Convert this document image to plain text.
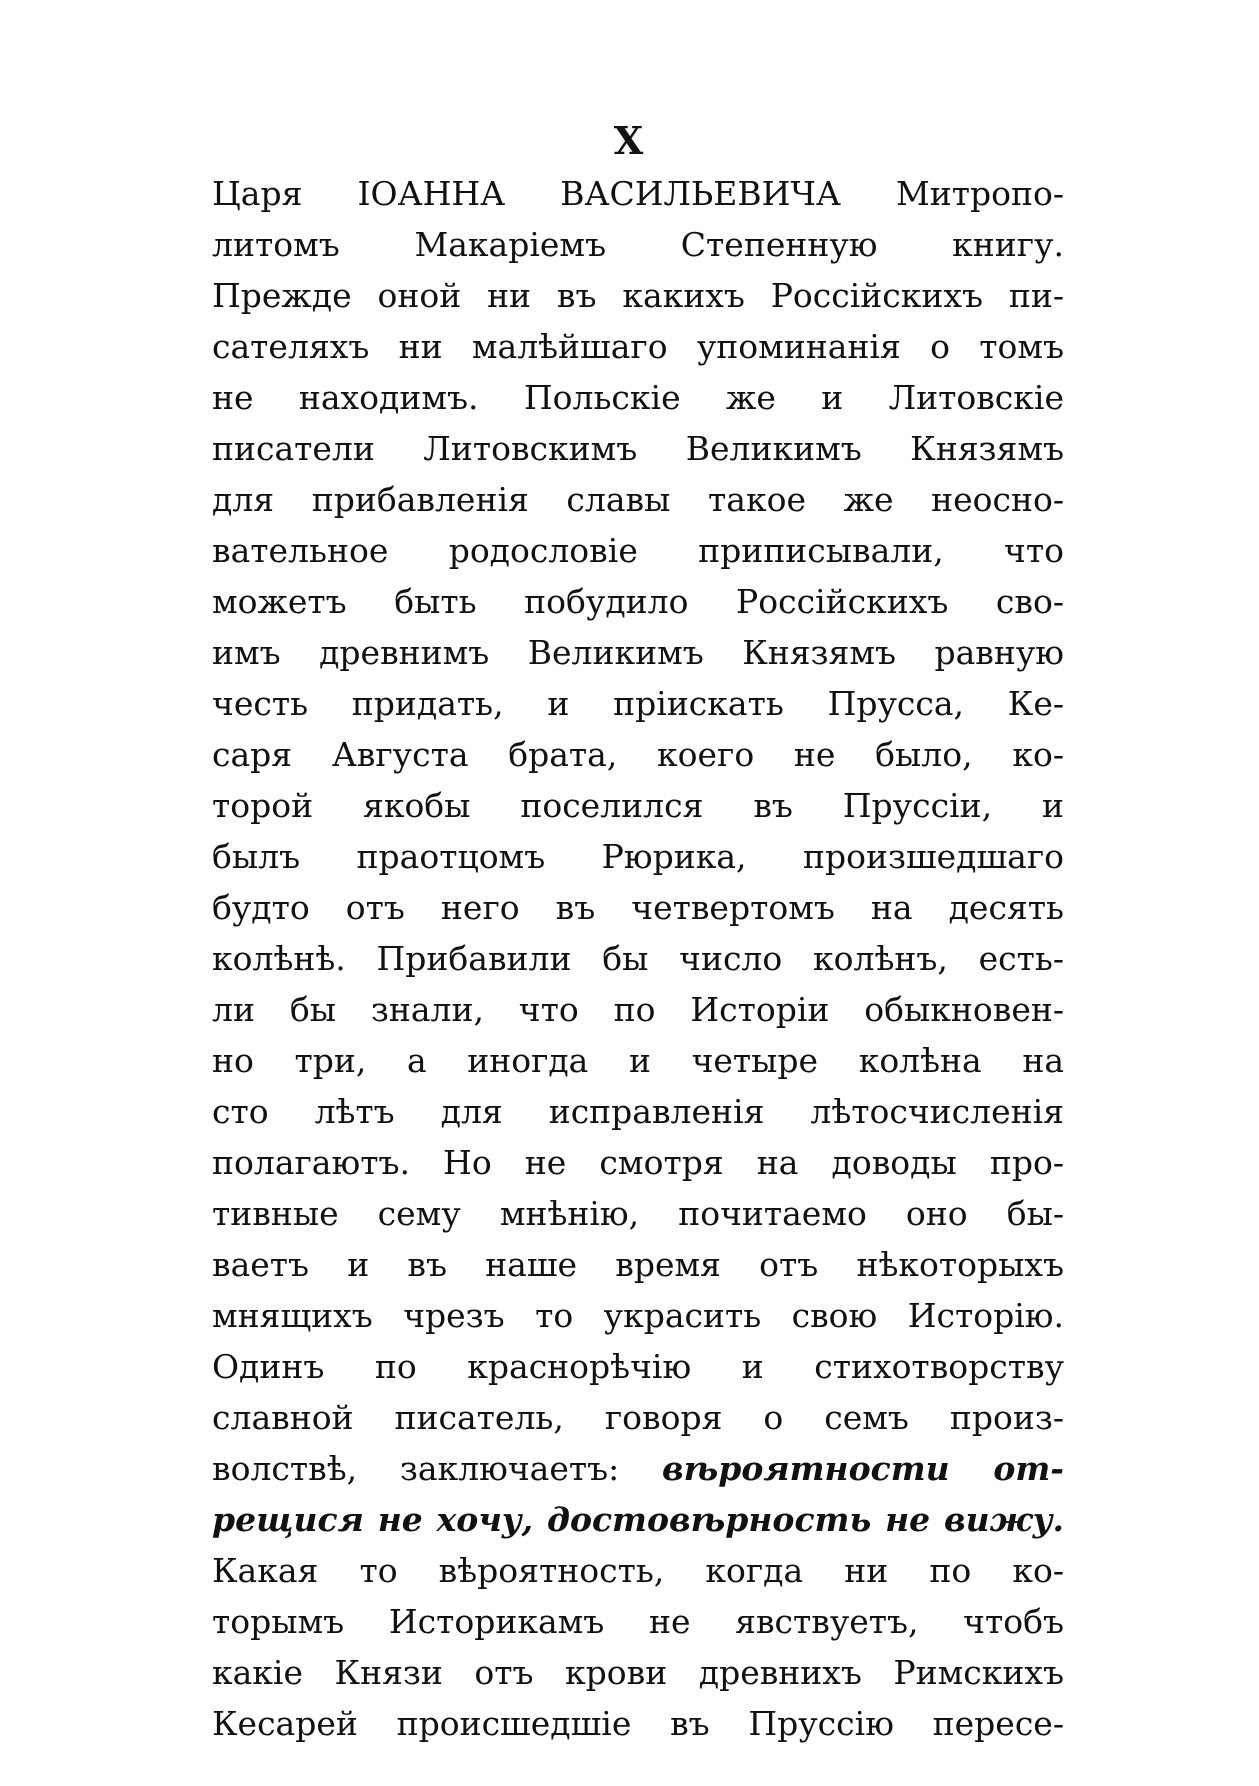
X
Царя ІОАННА ВАСИЛЬЕВИЧА Митропо-
литомъ Макаріемъ Степенную книгу.
Прежде оной ни въ какихъ Россійскихъ пи-
сателяхъ ни малѣйшаго упоминанія о томъ
не находимъ. Польскіе же и Литовскіе
писатели Литовскимъ Великимъ Князямъ
для прибавленія славы такое же неосно-
вательное родословіе приписывали, что
можетъ быть побудило Россійскихъ сво-
имъ древнимъ Великимъ Князямъ равную
честь придать, и пріискать Прусса, Ке-
саря Августа брата, коего не было, ко-
торой якобы поселился въ Пруссіи, и
былъ праотцомъ Рюрика, произшедшаго
будто отъ него въ четвертомъ на десять
колѣнѣ. Прибавили бы число колѣнъ, есть-
ли бы знали, что по Исторіи обыкновен-
но три, а иногда и четыре колѣна на
сто лѣтъ для исправленія лѣтосчисленія
полагаютъ. Но не смотря на доводы про-
тивные сему мнѣнію, почитаемо оно бы-
ваетъ и въ наше время отъ нѣкоторыхъ
мнящихъ чрезъ то украсить свою Исторію.
Одинъ по краснорѣчію и стихотворству
славной писатель, говоря о семъ произ-
волствѣ, заключаетъ: вѣроятности от-
рещися не хочу, достовѣрность не вижу.
Какая то вѣроятность, когда ни по ко-
торымъ Историкамъ не явствуетъ, чтобъ
какіе Князи отъ крови древнихъ Римскихъ
Кесарей происшедшіе въ Пруссію пересе-
